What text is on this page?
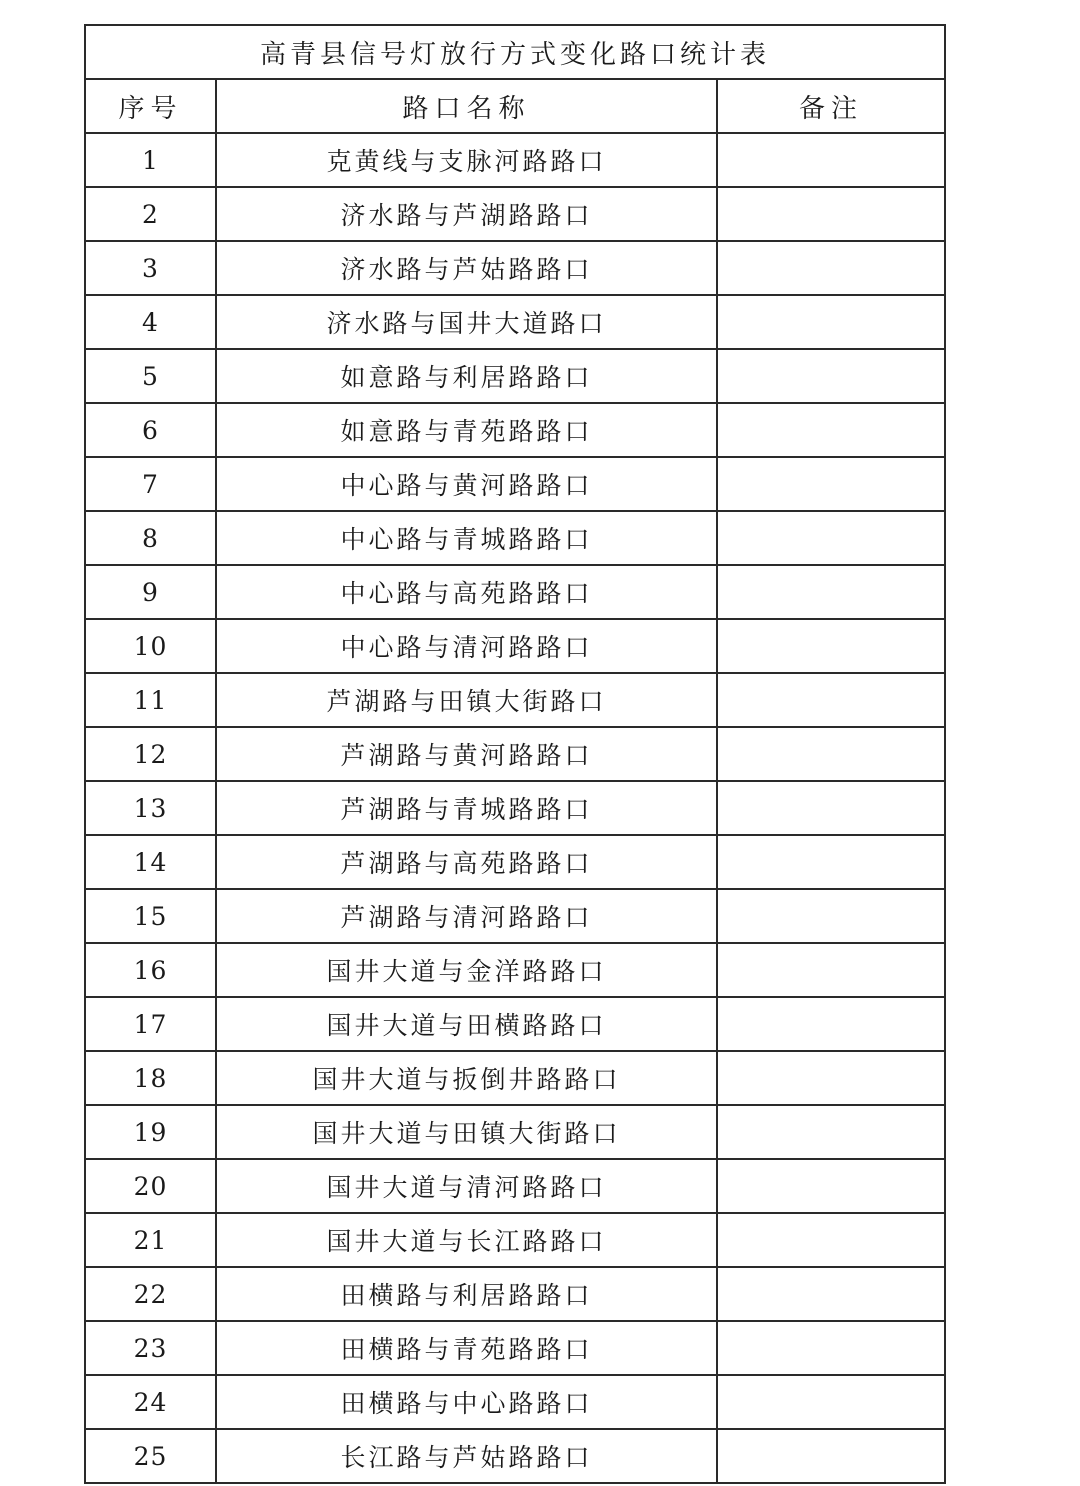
高青县信号灯放行方式变化路口统计表		
序号	路口名称	备注
1	克黄线与支脉河路路口	
2	济水路与芦湖路路口	
3	济水路与芦姑路路口	
4	济水路与国井大道路口	
5	如意路与利居路路口	
6	如意路与青苑路路口	
7	中心路与黄河路路口	
8	中心路与青城路路口	
9	中心路与高苑路路口	
10	中心路与清河路路口	
11	芦湖路与田镇大街路口	
12	芦湖路与黄河路路口	
13	芦湖路与青城路路口	
14	芦湖路与高苑路路口	
15	芦湖路与清河路路口	
16	国井大道与金洋路路口	
17	国井大道与田横路路口	
18	国井大道与扳倒井路路口	
19	国井大道与田镇大街路口	
20	国井大道与清河路路口	
21	国井大道与长江路路口	
22	田横路与利居路路口	
23	田横路与青苑路路口	
24	田横路与中心路路口	
25	长江路与芦姑路路口	
